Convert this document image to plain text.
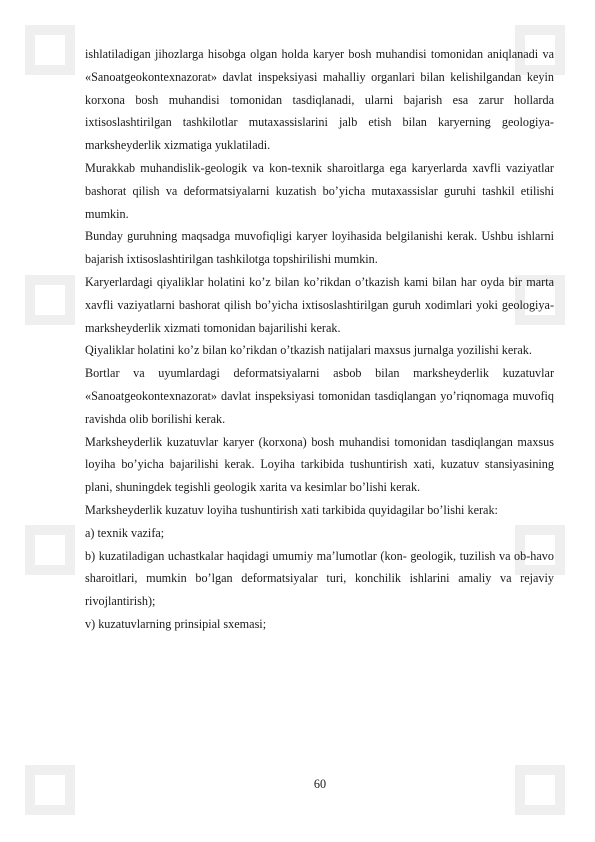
ishlatiladigan jihozlarga hisobga olgan holda karyer bosh muhandisi tomonidan aniqlanadi va «Sanoatgeokontexnazorat» davlat inspeksiyasi mahalliy organlari bilan kelishilgandan keyin korxona bosh muhandisi tomonidan tasdiqlanadi, ularni bajarish esa zarur hollarda ixtisoslashtirilgan tashkilotlar mutaxassislarini jalb etish bilan karyerning geologiya-marksheyderlik xizmatiga yuklatiladi.

Murakkab muhandislik-geologik va kon-texnik sharoitlarga ega karyerlarda xavfli vaziyatlar bashorat qilish va deformatsiyalarni kuzatish bo’yicha mutaxassislar guruhi tashkil etilishi mumkin.

Bunday guruhning maqsadga muvofiqligi karyer loyihasida belgilanishi kerak. Ushbu ishlarni bajarish ixtisoslashtirilgan tashkilotga topshirilishi mumkin.

Karyerlardagi qiyaliklar holatini ko’z bilan ko’rikdan o’tkazish kami bilan har oyda bir marta xavfli vaziyatlarni bashorat qilish bo’yicha ixtisoslashtirilgan guruh xodimlari yoki geologiya-marksheyderlik xizmati tomonidan bajarilishi kerak.

Qiyaliklar holatini ko’z bilan ko’rikdan o’tkazish natijalari maxsus jurnalga yozilishi kerak.

Bortlar va uyumlardagi deformatsiyalarni asbob bilan marksheyderlik kuzatuvlar «Sanoatgeokontexnazorat» davlat inspeksiyasi tomonidan tasdiqlangan yo’riqnomaga muvofiq ravishda olib borilishi kerak.

Marksheyderlik kuzatuvlar karyer (korxona) bosh muhandisi tomonidan tasdiqlangan maxsus loyiha bo’yicha bajarilishi kerak. Loyiha tarkibida tushuntirish xati, kuzatuv stansiyasining plani, shuningdek tegishli geologik xarita va kesimlar bo’lishi kerak.

Marksheyderlik kuzatuv loyiha tushuntirish xati tarkibida quyidagilar bo’lishi kerak:

a) texnik vazifa;

b) kuzatiladigan uchastkalar haqidagi umumiy ma’lumotlar (kon- geologik, tuzilish va ob-havo sharoitlari, mumkin bo’lgan deformatsiyalar turi, konchilik ishlarini amaliy va rejaviy rivojlantirish);

v) kuzatuvlarning prinsipial sxemasi;

60
